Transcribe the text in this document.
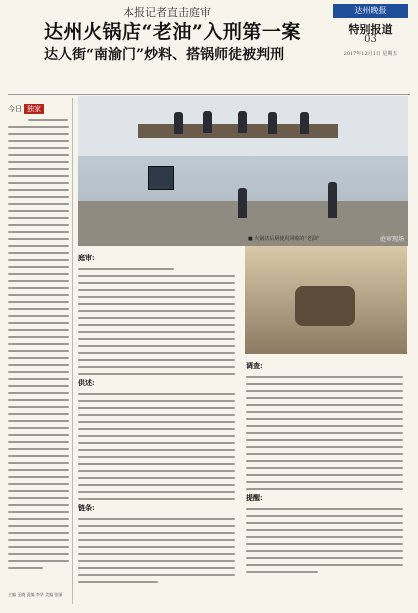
本报记者直击庭审
达州火锅店“老油”入刑第一案
达人街“南渝门”炒料、搭锅师徒被判刑
达州晚报
特别报道
03
2017年12月1日 星期五
今日 独家
主编 王晓 责编 李华 美编 张丽
庭审现场
庭审:
供述:
链条:
调查:
提醒:
■ 火锅店后厨使用回收的“老油”
